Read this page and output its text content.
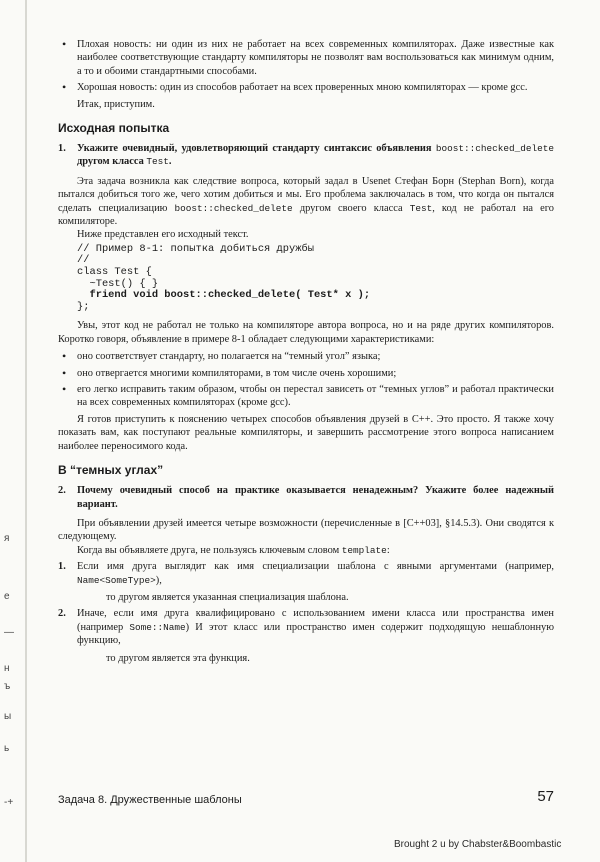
я
е
—
н
ъ
ы
ь
-+
• Плохая новость: ни один из них не работает на всех современных компиляторах. Даже известные как наиболее соответствующие стандарту компиляторы не позволят вам воспользоваться как минимум одним, а то и обоими стандартными способами.
• Хорошая новость: один из способов работает на всех проверенных мною компиляторах — кроме gcc.

Итак, приступим.

Исходная попытка
1. Укажите очевидный, удовлетворяющий стандарту синтаксис объявления boost::checked_delete другом класса Test.

Эта задача возникла как следствие вопроса, который задал в Usenet Стефан Борн (Stephan Born), когда пытался добиться того же, чего хотим добиться и мы. Его проблема заключалась в том, что когда он пытался сделать специализацию boost::checked_delete другом своего класса Test, код не работал на его компиляторе.

Ниже представлен его исходный текст.

// Пример 8-1: попытка добиться дружбы
//
class Test {
~Test() { }
friend void boost::checked_delete( Test* x );
};

Увы, этот код не работал не только на компиляторе автора вопроса, но и на ряде других компиляторов. Коротко говоря, объявление в примере 8-1 обладает следующими характеристиками:

• оно соответствует стандарту, но полагается на “темный угол” языка;
• оно отвергается многими компиляторами, в том числе очень хорошими;
• его легко исправить таким образом, чтобы он перестал зависеть от “темных углов” и работал практически на всех современных компиляторах (кроме gcc).

Я готов приступить к пояснению четырех способов объявления друзей в C++. Это просто. Я также хочу показать вам, как поступают реальные компиляторы, и завершить рассмотрение этого вопроса написанием наиболее переносимого кода.

В “темных углах”
2. Почему очевидный способ на практике оказывается ненадежным? Укажите более надежный вариант.

При объявлении друзей имеется четыре возможности (перечисленные в [C++03], §14.5.3). Они сводятся к следующему.

Когда вы объявляете друга, не пользуясь ключевым словом template:

1. Если имя друга выглядит как имя специализации шаблона с явными аргументами (например, Name<SomeType>),

то другом является указанная специализация шаблона.

2. Иначе, если имя друга квалифицировано с использованием имени класса или пространства имен (например Some::Name) И этот класс или пространство имен содержит подходящую нешаблонную функцию,

то другом является эта функция.

Задача 8. Дружественные шаблоны	57
Brought 2 u by Chabster&Boombastic
